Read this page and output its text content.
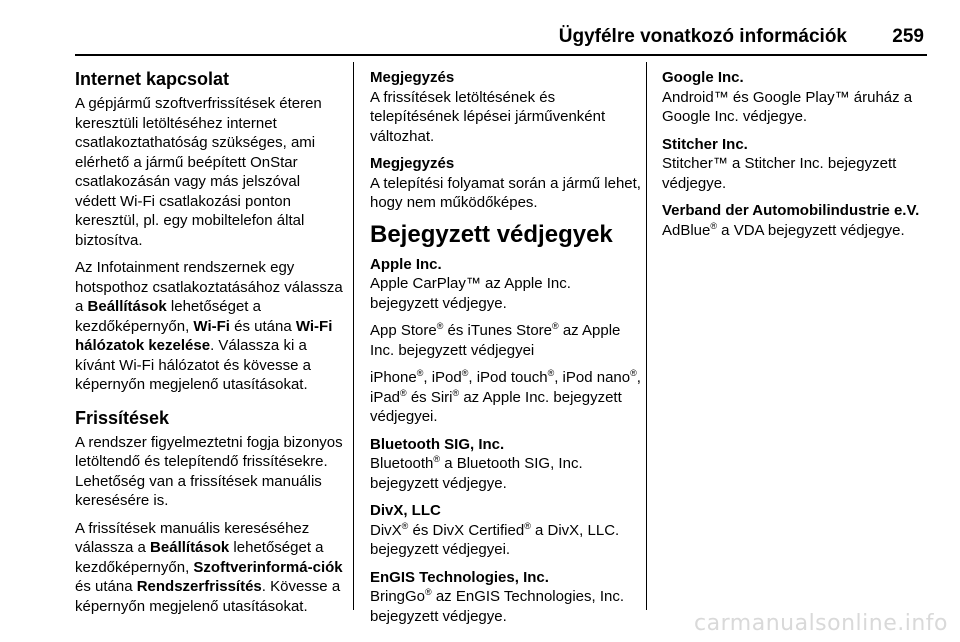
Ügyfélre vonatkozó információk 259
Internet kapcsolat

A gépjármű szoftverfrissítések éteren keresztüli letöltéséhez internet csatlakoztathatóság szükséges, ami elérhető a jármű beépített OnStar csatlakozásán vagy más jelszóval védett Wi-Fi csatlakozási ponton keresztül, pl. egy mobiltelefon által biztosítva.

Az Infotainment rendszernek egy hotspothoz csatlakoztatásához válassza a Beállítások lehetőséget a kezdőképernyőn, Wi-Fi és utána Wi-Fi hálózatok kezelése. Válassza ki a kívánt Wi-Fi hálózatot és kövesse a képernyőn megjelenő utasításokat.

Frissítések

A rendszer figyelmeztetni fogja bizonyos letöltendő és telepítendő frissítésekre. Lehetőség van a frissítések manuális keresésére is.

A frissítések manuális kereséséhez válassza a Beállítások lehetőséget a kezdőképernyőn, Szoftverinformá-ciók és utána Rendszerfrissítés. Kövesse a képernyőn megjelenő utasításokat.

Megjegyzés

A frissítések letöltésének és telepítésének lépései járművenként változhat.

Megjegyzés

A telepítési folyamat során a jármű lehet, hogy nem működőképes.

Bejegyzett védjegyek
Apple Inc.

Apple CarPlay™ az Apple Inc. bejegyzett védjegye.

App Store® és iTunes Store® az Apple Inc. bejegyzett védjegyei

iPhone®, iPod®, iPod touch®, iPod nano®, iPad® és Siri® az Apple Inc. bejegyzett védjegyei.

Bluetooth SIG, Inc.

Bluetooth® a Bluetooth SIG, Inc. bejegyzett védjegye.

DivX, LLC

DivX® és DivX Certified® a DivX, LLC. bejegyzett védjegyei.

EnGIS Technologies, Inc.

BringGo® az EnGIS Technologies, Inc. bejegyzett védjegye.

Google Inc.

Android™ és Google Play™ áruház a Google Inc. védjegye.

Stitcher Inc.

Stitcher™ a Stitcher Inc. bejegyzett védjegye.

Verband der Automobilindustrie e.V.

AdBlue® a VDA bejegyzett védjegye.

carmanualsonline.info
